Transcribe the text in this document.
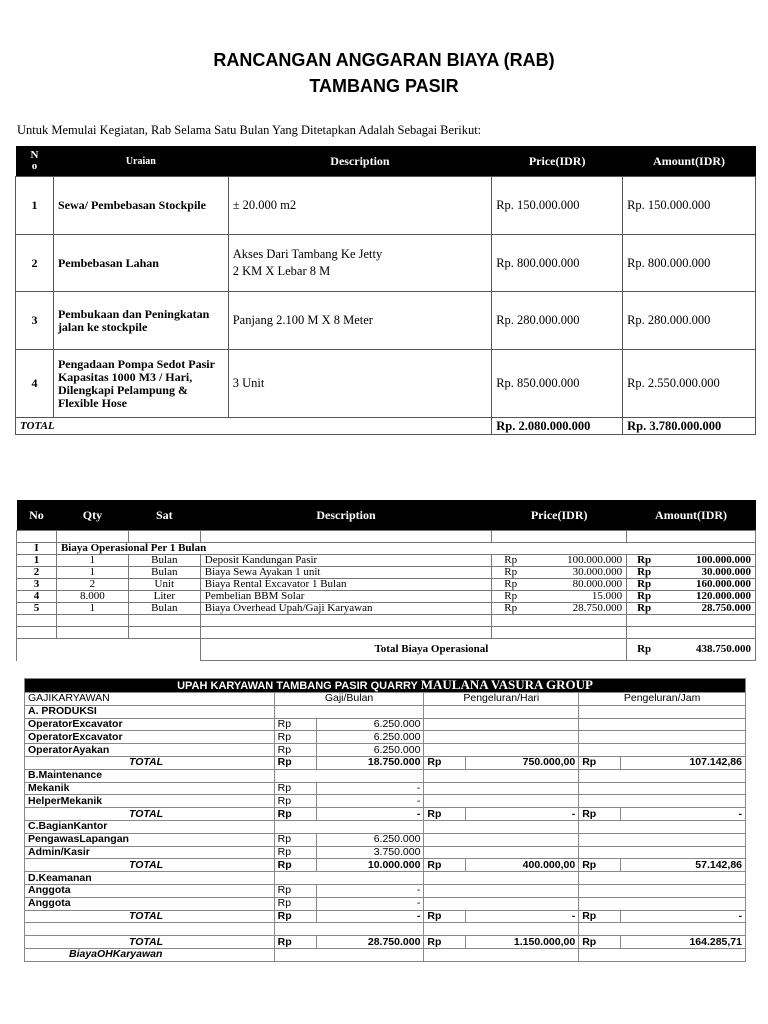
RANCANGAN ANGGARAN BIAYA (RAB)
TAMBANG PASIR
Untuk Memulai Kegiatan, Rab Selama Satu Bulan Yang Ditetapkan Adalah Sebagai Berikut:
N
o	Uraian	Description	Price(IDR)	Amount(IDR)
1	Sewa/ Pembebasan Stockpile	± 20.000 m2	Rp. 150.000.000	Rp. 150.000.000
2	Pembebasan Lahan	Akses Dari Tambang Ke Jetty
2 KM X Lebar 8 M	Rp. 800.000.000	Rp. 800.000.000
3	Pembukaan dan Peningkatan jalan ke stockpile	Panjang 2.100 M X 8 Meter	Rp. 280.000.000	Rp. 280.000.000
4	Pengadaan Pompa Sedot Pasir Kapasitas 1000 M3 / Hari, Dilengkapi Pelampung & Flexible Hose	3 Unit	Rp. 850.000.000	Rp. 2.550.000.000
TOTAL			Rp. 2.080.000.000	Rp. 3.780.000.000
No	Qty	Sat	Description	Price(IDR)	Amount(IDR)

I	Biaya Operasional Per 1 Bulan				
1	1	Bulan	Deposit Kandungan Pasir	Rp 100.000.000	Rp 100.000.000

2	1	Bulan	Biaya Sewa Ayakan 1 unit	Rp 30.000.000	Rp 30.000.000

3	2	Unit	Biaya Rental Excavator 1 Bulan	Rp 80.000.000	Rp 160.000.000

4	8.000	Liter	Pembelian BBM Solar	Rp 15.000	Rp 120.000.000

5	1	Bulan	Biaya Overhead Upah/Gaji Karyawan	Rp 28.750.000	Rp 28.750.000

			Total Biaya Operasional		Rp 438.750.000
UPAH KARYAWAN TAMBANG PASIR QUARRY MAULANA VASURA GROUP						
GAJIKARYAWAN	Gaji/Bulan		Pengeluran/Hari		Pengeluran/Jam	
A. PRODUKSI						
OperatorExcavator	Rp	6.250.000				
OperatorExcavator	Rp	6.250.000				
OperatorAyakan	Rp	6.250.000				
TOTAL	Rp	18.750.000	Rp	750.000,00	Rp	107.142,86
B.Maintenance						
Mekanik	Rp	-				
HelperMekanik	Rp	-				
TOTAL	Rp	-	Rp	-	Rp	-
C.BagianKantor						
PengawasLapangan	Rp	6.250.000				
Admin/Kasir	Rp	3.750.000				
TOTAL	Rp	10.000.000	Rp	400.000,00	Rp	57.142,86
D.Keamanan						
Anggota	Rp	-				
Anggota	Rp	-				
TOTAL	Rp	-	Rp	-	Rp	-

TOTAL	Rp	28.750.000	Rp	1.150.000,00	Rp	164.285,71
BiayaOHKaryawan						
